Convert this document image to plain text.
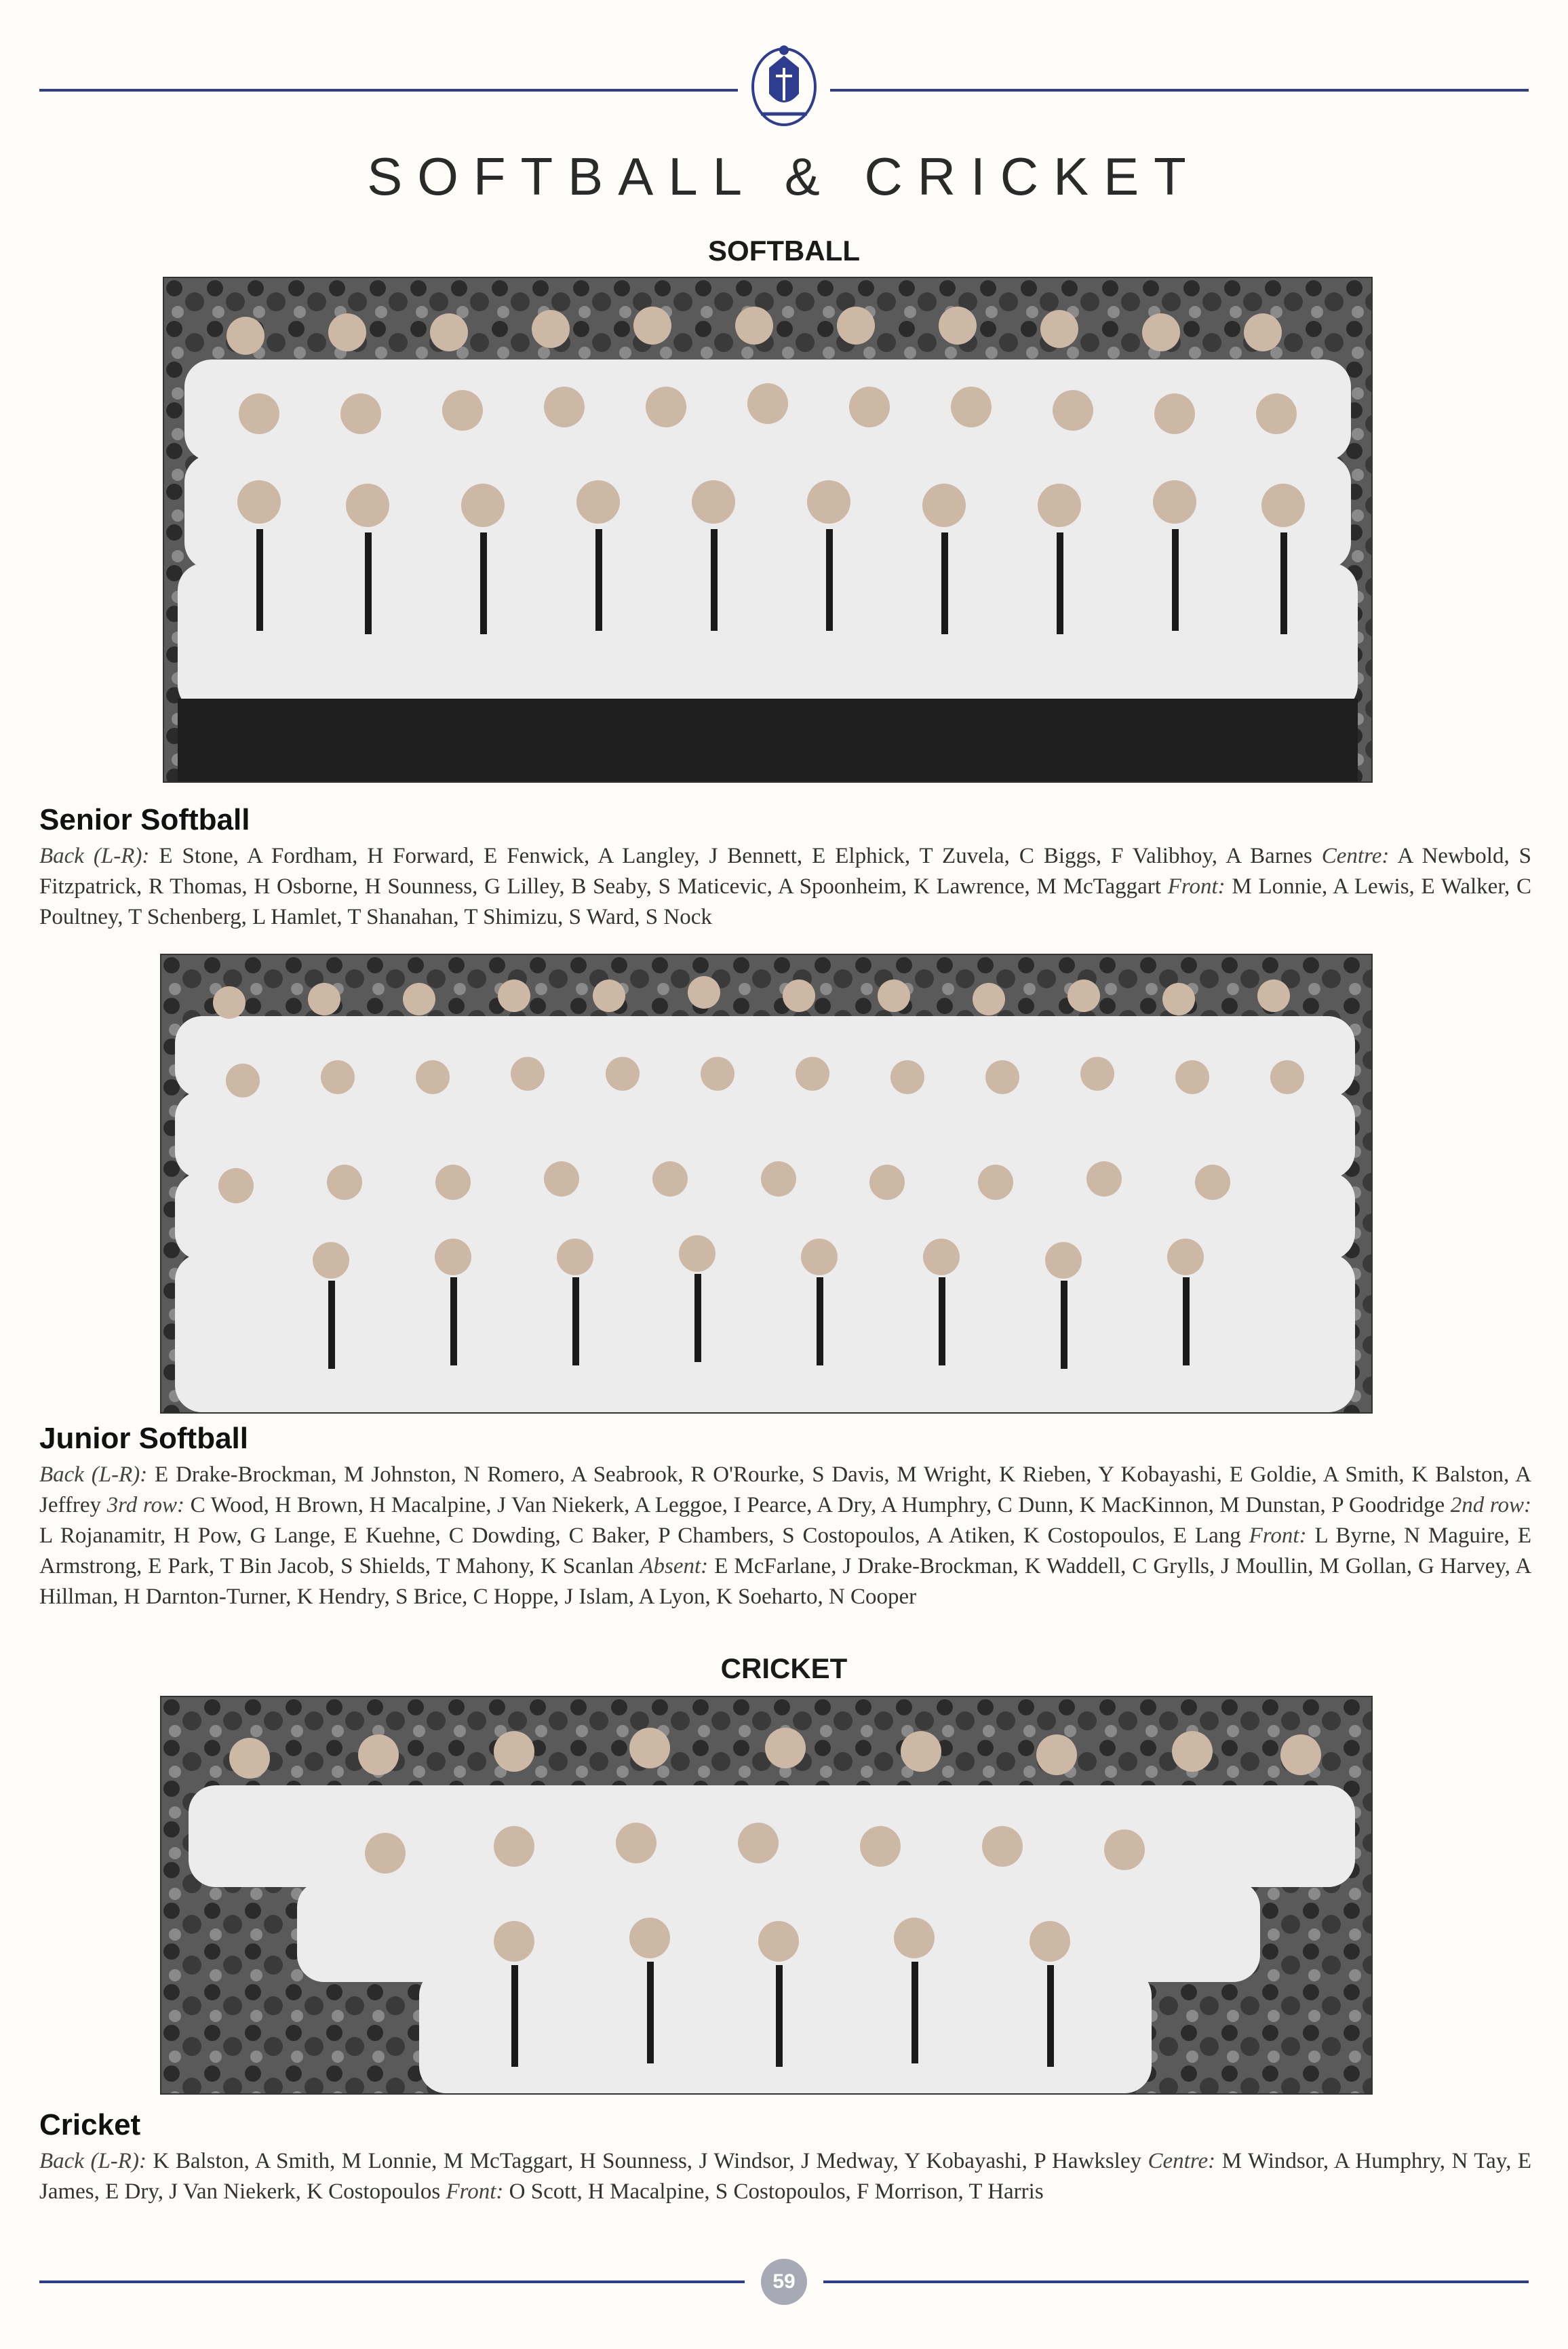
SOFTBALL & CRICKET
SOFTBALL
Senior Softball
Back (L-R): E Stone, A Fordham, H Forward, E Fenwick, A Langley, J Bennett, E Elphick, T Zuvela, C Biggs, F Valibhoy, A Barnes Centre: A Newbold, S Fitzpatrick, R Thomas, H Osborne, H Sounness, G Lilley, B Seaby, S Maticevic, A Spoonheim, K Lawrence, M McTaggart Front: M Lonnie, A Lewis, E Walker, C Poultney, T Schenberg, L Hamlet, T Shanahan, T Shimizu, S Ward, S Nock
Junior Softball
Back (L-R): E Drake-Brockman, M Johnston, N Romero, A Seabrook, R O'Rourke, S Davis, M Wright, K Rieben, Y Kobayashi, E Goldie, A Smith, K Balston, A Jeffrey 3rd row: C Wood, H Brown, H Macalpine, J Van Niekerk, A Leggoe, I Pearce, A Dry, A Humphry, C Dunn, K MacKinnon, M Dunstan, P Goodridge 2nd row: L Rojanamitr, H Pow, G Lange, E Kuehne, C Dowding, C Baker, P Chambers, S Costopoulos, A Atiken, K Costopoulos, E Lang Front: L Byrne, N Maguire, E Armstrong, E Park, T Bin Jacob, S Shields, T Mahony, K Scanlan Absent: E McFarlane, J Drake-Brockman, K Waddell, C Grylls, J Moullin, M Gollan, G Harvey, A Hillman, H Darnton-Turner, K Hendry, S Brice, C Hoppe, J Islam, A Lyon, K Soeharto, N Cooper
CRICKET
Cricket
Back (L-R): K Balston, A Smith, M Lonnie, M McTaggart, H Sounness, J Windsor, J Medway, Y Kobayashi, P Hawksley Centre: M Windsor, A Humphry, N Tay, E James, E Dry, J Van Niekerk, K Costopoulos Front: O Scott, H Macalpine, S Costopoulos, F Morrison, T Harris
59
